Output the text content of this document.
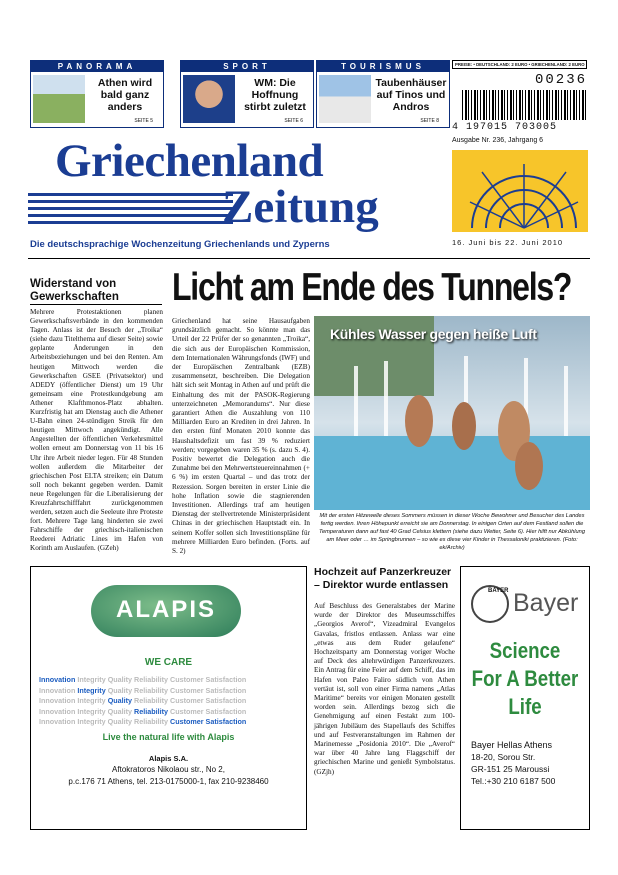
PANORAMA
Athen wird bald ganz anders
SEITE 5
SPORT
WM: Die Hoffnung stirbt zuletzt
SEITE 6
TOURISMUS
Taubenhäuser auf Tinos und Andros
SEITE 8
PREISE: • DEUTSCHLAND: 2 EURO • GRIECHENLAND: 2 EURO
00236
4 197015 703005
Griechenland
Zeitung
Die deutschsprachige Wochenzeitung Griechenlands und Zyperns
Ausgabe Nr. 236, Jahrgang 6
16. Juni bis 22. Juni 2010
Widerstand von Gewerkschaften
Mehrere Protestaktionen planen Gewerkschaftsverbände in den kommenden Tagen. Anlass ist der Besuch der „Troika“ (siehe dazu Titelthema auf dieser Seite) sowie geplante Änderungen in den Arbeitsbeziehungen und bei den Renten. Am heutigen Mittwoch werden die Gewerkschaften GSEE (Privatsektor) und ADEDY (öffentlicher Dienst) um 19 Uhr gemeinsam eine Protestkundgebung am Athener Klafthmonos-Platz abhalten. Kurzfristig hat am Dienstag auch die Athener U-Bahn einen 24-stündigen Streik für den heutigen Mittwoch angekündigt. Alle Angestellten der öffentlichen Verkehrsmittel wollen erneut am Donnerstag von 11 bis 16 Uhr ihre Arbeit nieder legen. Für 48 Stunden wollen außerdem die Mitarbeiter der griechischen Post ELTA streiken; ein Datum soll noch bekannt gegeben werden. Damit neue Regelungen für die Liberalisierung der Kreuzfahrtschifffahrt zurückgenommen werden, setzen auch die Seeleute ihre Proteste fort. Mehrere Tage lang hinderten sie zwei Fahrschiffe der griechisch-italienischen Reederei Adriatic Lines im Hafen von Korinth am Auslaufen. (GZeh)
Licht am Ende des Tunnels?
Griechenland hat seine Hausaufgaben grundsätzlich gemacht. So könnte man das Urteil der 22 Prüfer der so genannten „Troika“, die sich aus der Europäischen Kommission, dem Internationalen Währungsfonds (IWF) und der Europäischen Zentralbank (EZB) zusammensetzt, beschreiben. Die Delegation hält sich seit Montag in Athen auf und prüft die Einhaltung des mit der PASOK-Regierung unterzeichneten „Memorandums“. Nur diese garantiert Athen die Auszahlung von 110 Milliarden Euro an Krediten in drei Jahren. In den ersten fünf Monaten 2010 konnte das Haushaltsdefizit um fast 39 % reduziert werden; vorgegeben waren 35 % (s. dazu S. 4). Positiv bewertet die Delegation auch die Zunahme bei den Mehrwertsteuereinnahmen (+ 6 %) im ersten Quartal – und das trotz der Rezession. Sorgen bereiten in erster Linie die hohe Inflation sowie die stagnierenden Investitionen. Allerdings traf am heutigen Dienstag der stellvertretende Ministerpräsident Chinas in der griechischen Hauptstadt ein. In seinem Koffer sollen sich Investitionspläne für mehrere Milliarden Euro befinden. (Forts. auf S. 2)
Kühles Wasser gegen heiße Luft
Mit der ersten Hitzewelle dieses Sommers müssen in dieser Woche Bewohner und Besucher des Landes fertig werden. Ihren Höhepunkt erreicht sie am Donnerstag. In einigen Orten auf dem Festland sollen die Temperaturen dann auf fast 40 Grad Celsius klettern (siehe dazu Wetter, Seite 6). Hier hilft nur Abkühlung am Meer oder … im Springbrunnen – so wie es diese vier Kinder in Thessaloniki praktizieren. (Foto: ek/Archiv)
ALAPIS
WE CARE
Innovation Integrity Quality Reliability Customer Satisfaction
Innovation Integrity Quality Reliability Customer Satisfaction
Innovation Integrity Quality Reliability Customer Satisfaction
Innovation Integrity Quality Reliability Customer Satisfaction
Innovation Integrity Quality Reliability Customer Satisfaction
Live the natural life with Alapis
Alapis S.A.
Aftokratoros Nikolaou str., No 2,
p.c.176 71 Athens, tel. 213-0175000-1, fax 210-9238460
Hochzeit auf Panzerkreuzer – Direktor wurde entlassen
Auf Beschluss des Generalstabes der Marine wurde der Direktor des Museumsschiffes „Georgios Averof“, Vizeadmiral Evangelos Gavalas, fristlos entlassen. Anlass war eine „etwas aus dem Ruder gelaufene“ Hochzeitsparty am Donnerstag voriger Woche auf Deck des altehrwürdigen Panzerkreuzers. Ein Antrag für eine Feier auf dem Schiff, das im Hafen von Paleo Faliro südlich von Athen vertäut ist, soll von einer Firma namens „Atlas Maritime“ bereits vor einigen Monaten gestellt worden sein. Allerdings bezog sich die Genehmigung auf einen Festakt zum 100-jährigen Jubiläum des Stapellaufs des Schiffes und auf Festveranstaltungen im Rahmen der Marinemesse „Posidonia 2010“. Die „Averof“ war über 40 Jahre lang Flaggschiff der griechischen Marine und genießt Symbolstatus. (GZjh)
BAYER Bayer
Science
For A Better
Life
Bayer Hellas Athens
18-20, Sorou Str.
GR-151 25 Maroussi
Tel.:+30 210 6187 500
